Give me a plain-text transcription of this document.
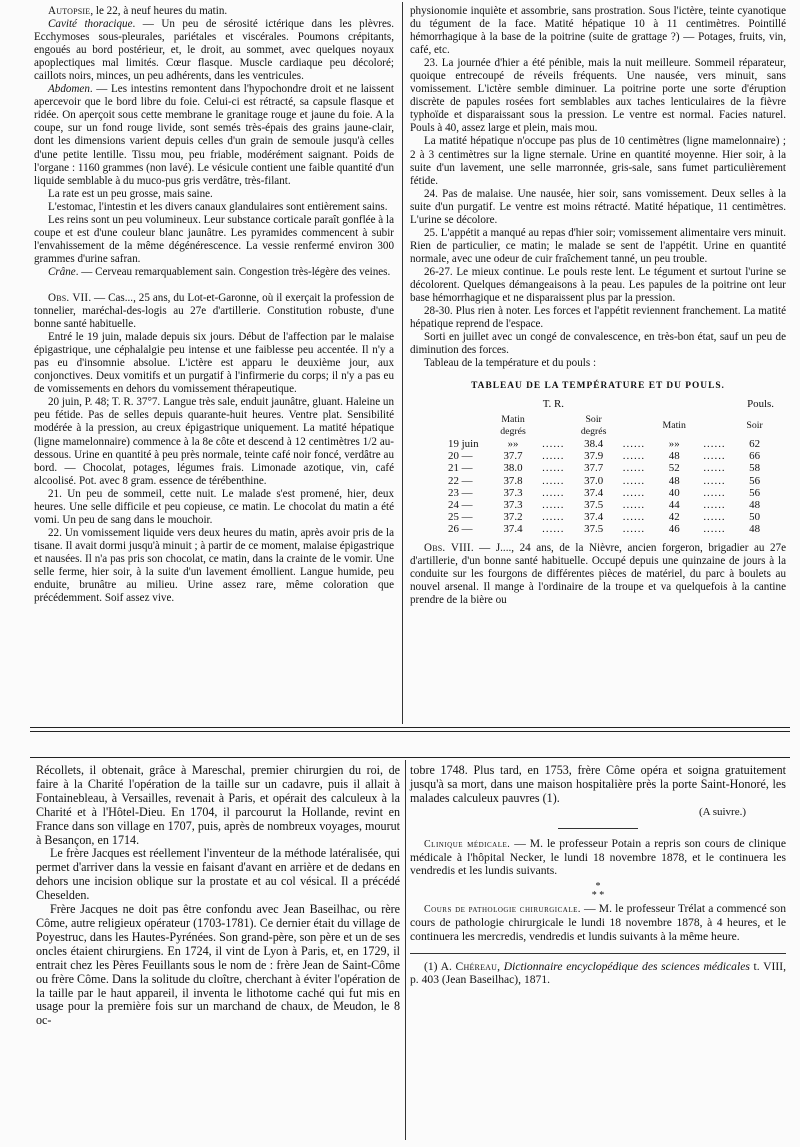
Autopsie, le 22, à neuf heures du matin.

Cavité thoracique. — Un peu de sérosité ictérique dans les plèvres. Ecchymoses sous-pleurales, pariétales et viscérales. Poumons crépitants, engoués au bord postérieur, et, le droit, au sommet, avec quelques noyaux apoplectiques mal limités. Cœur flasque. Muscle cardiaque peu décoloré; caillots noirs, minces, un peu adhérents, dans les ventricules.

Abdomen. — Les intestins remontent dans l'hypochondre droit et ne laissent apercevoir que le bord libre du foie. Celui-ci est rétracté, sa capsule flasque et ridée. On aperçoit sous cette membrane le granitage rouge et jaune du foie. A la coupe, sur un fond rouge livide, sont semés très-épais des grains jaune-clair, dont les dimensions varient depuis celles d'un grain de semoule jusqu'à celles d'une petite lentille. Tissu mou, peu friable, modérément saignant. Poids de l'organe : 1160 grammes (non lavé). Le vésicule contient une faible quantité d'un liquide semblable à du muco-pus gris verdâtre, très-filant.

La rate est un peu grosse, mais saine.

L'estomac, l'intestin et les divers canaux glandulaires sont entièrement sains.

Les reins sont un peu volumineux. Leur substance corticale paraît gonflée à la coupe et est d'une couleur blanc jaunâtre. Les pyramides commencent à subir l'envahissement de la même dégénérescence. La vessie renfermé environ 300 grammes d'urine safran.

Crâne. — Cerveau remarquablement sain. Congestion très-légère des veines.

Obs. VII. — Cas..., 25 ans, du Lot-et-Garonne, où il exerçait la profession de tonnelier, maréchal-des-logis au 27e d'artillerie. Constitution robuste, d'une bonne santé habituelle.

Entré le 19 juin, malade depuis six jours. Début de l'affection par le malaise épigastrique, une céphalalgie peu intense et une faiblesse peu accentée. Il n'y a pas eu d'insomnie absolue. L'ictère est apparu le deuxième jour, aux conjonctives. Deux vomitifs et un purgatif à l'infirmerie du corps; il n'y a pas eu de vomissements en dehors du vomissement thérapeutique.

20 juin, P. 48; T. R. 37°7. Langue très sale, enduit jaunâtre, gluant. Haleine un peu fétide. Pas de selles depuis quarante-huit heures. Ventre plat. Sensibilité modérée à la pression, au creux épigastrique uniquement. La matité hépatique (ligne mamelonnaire) commence à la 8e côte et descend à 12 centimètres 1/2 au-dessous. Urine en quantité à peu près normale, teinte café noir foncé, verdâtre au bord. — Chocolat, potages, légumes frais. Limonade azotique, vin, café alcoolisé. Pot. avec 8 gram. essence de térébenthine.

21. Un peu de sommeil, cette nuit. Le malade s'est promené, hier, deux heures. Une selle difficile et peu copieuse, ce matin. Le chocolat du matin a été vomi. Un peu de sang dans le mouchoir.

22. Un vomissement liquide vers deux heures du matin, après avoir pris de la tisane. Il avait dormi jusqu'à minuit ; à partir de ce moment, malaise épigastrique et nausées. Il n'a pas pris son chocolat, ce matin, dans la crainte de le vomir. Une selle ferme, hier soir, à la suite d'un lavement émollient. Langue humide, peu enduite, brunâtre au milieu. Urine assez rare, même coloration que précédemment. Soif assez vive.

physionomie inquiète et assombrie, sans prostration. Sous l'ictère, teinte cyanotique du tégument de la face. Matité hépatique 10 à 11 centimètres. Pointillé hémorrhagique à la base de la poitrine (suite de grattage ?) — Potages, fruits, vin, café, etc.

23. La journée d'hier a été pénible, mais la nuit meilleure. Sommeil réparateur, quoique entrecoupé de réveils fréquents. Une nausée, vers minuit, sans vomissement. L'ictère semble diminuer. La poitrine porte une sorte d'éruption discrète de papules rosées fort semblables aux taches lenticulaires de la fièvre typhoïde et disparaissant sous la pression. Le ventre est normal. Facies naturel. Pouls à 40, assez large et plein, mais mou.

La matité hépatique n'occupe pas plus de 10 centimètres (ligne mamelonnaire) ; 2 à 3 centimètres sur la ligne sternale. Urine en quantité moyenne. Hier soir, à la suite d'un lavement, une selle marronnée, gris-sale, sans fumet particulièrement fétide.

24. Pas de malaise. Une nausée, hier soir, sans vomissement. Deux selles à la suite d'un purgatif. Le ventre est moins rétracté. Matité hépatique, 11 centimètres. L'urine se décolore.

25. L'appétit a manqué au repas d'hier soir; vomissement alimentaire vers minuit. Rien de particulier, ce matin; le malade se sent de l'appétit. Urine en quantité normale, avec une odeur de cuir fraîchement tanné, un peu trouble.

26-27. Le mieux continue. Le pouls reste lent. Le tégument et surtout l'urine se décolorent. Quelques démangeaisons à la peau. Les papules de la poitrine ont leur base hémorrhagique et ne disparaissent plus par la pression.

28-30. Plus rien à noter. Les forces et l'appétit reviennent franchement. La matité hépatique reprend de l'espace.

Sorti en juillet avec un congé de convalescence, en très-bon état, sauf un peu de diminution des forces.

Tableau de la température et du pouls :

TABLEAU DE LA TEMPÉRATURE ET DU POULS.
	T. R.				Pouls.		
	Matin
degrés		Soir
degrés		Matin		Soir
19 juin	»»	......	38.4	......	»»	......	62
20 —	37.7	......	37.9	......	48	......	66
21 —	38.0	......	37.7	......	52	......	58
22 —	37.8	......	37.0	......	48	......	56
23 —	37.3	......	37.4	......	40	......	56
24 —	37.3	......	37.5	......	44	......	48
25 —	37.2	......	37.4	......	42	......	50
26 —	37.4	......	37.5	......	46	......	48

Obs. VIII. — J...., 24 ans, de la Nièvre, ancien forgeron, brigadier au 27e d'artillerie, d'un bonne santé habituelle. Occupé depuis une quinzaine de jours à la conduite sur les fourgons de différentes pièces de matériel, du parc à boulets au nouvel arsenal. Il mange à l'ordinaire de la troupe et va quelquefois à la cantine prendre de la bière ou

Récollets, il obtenait, grâce à Mareschal, premier chirurgien du roi, de faire à la Charité l'opération de la taille sur un cadavre, puis il allait à Fontainebleau, à Versailles, revenait à Paris, et opérait des calculeux à la Charité et à l'Hôtel-Dieu. En 1704, il parcourut la Hollande, revint en France dans son village en 1707, puis, après de nombreux voyages, mourut à Besançon, en 1714.

Le frère Jacques est réellement l'inventeur de la méthode latéralisée, qui permet d'arriver dans la vessie en faisant d'avant en arrière et de dedans en dehors une incision oblique sur la prostate et au col vésical. Il a précédé Cheselden.

Frère Jacques ne doit pas être confondu avec Jean Baseilhac, ou rère Côme, autre religieux opérateur (1703-1781). Ce dernier était du village de Poyestruc, dans les Hautes-Pyrénées. Son grand-père, son père et un de ses oncles étaient chirurgiens. En 1724, il vint de Lyon à Paris, et, en 1729, il entrait chez les Pères Feuillants sous le nom de : frère Jean de Saint-Côme ou frère Côme. Dans la solitude du cloître, cherchant à éviter l'opération de la taille par le haut appareil, il inventa le lithotome caché qui fut mis en usage pour la première fois sur un marchand de chaux, de Meudon, le 8 oc-

tobre 1748. Plus tard, en 1753, frère Côme opéra et soigna gratuitement jusqu'à sa mort, dans une maison hospitalière près la porte Saint-Honoré, les malades calculeux pauvres (1).

(A suivre.)
Clinique médicale. — M. le professeur Potain a repris son cours de clinique médicale à l'hôpital Necker, le lundi 18 novembre 1878, et le continuera les vendredis et les lundis suivants.
*
* *
Cours de pathologie chirurgicale. — M. le professeur Trélat a commencé son cours de pathologie chirurgicale le lundi 18 novembre 1878, à 4 heures, et le continuera les mercredis, vendredis et lundis suivants à la même heure.
(1) A. Chéreau, Dictionnaire encyclopédique des sciences médicales t. VIII, p. 403 (Jean Baseilhac), 1871.
